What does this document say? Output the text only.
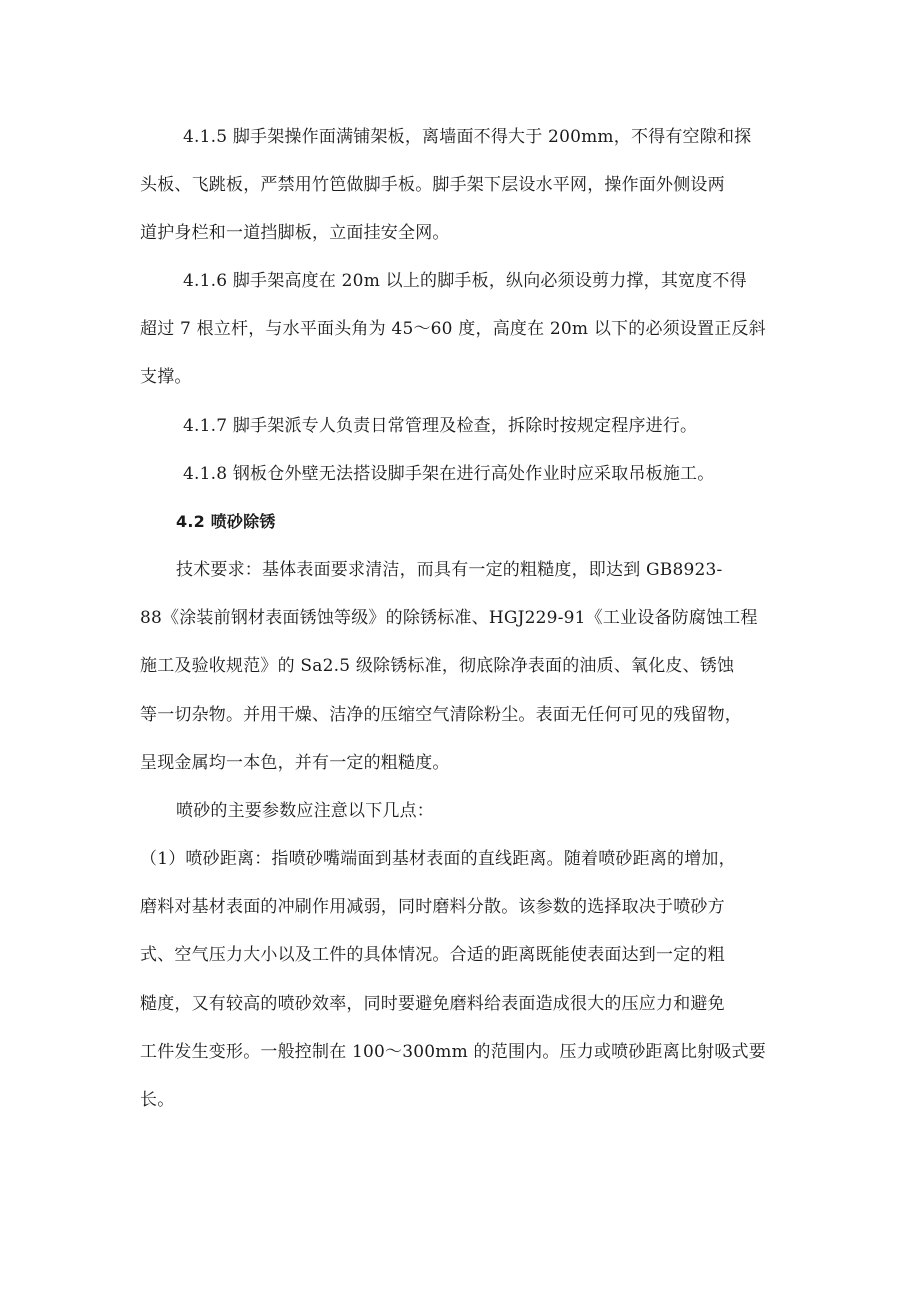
4.1.5 脚手架操作面满铺架板，离墙面不得大于 200mm，不得有空隙和探
头板、飞跳板，严禁用竹笆做脚手板。脚手架下层设水平网，操作面外侧设两
道护身栏和一道挡脚板，立面挂安全网。
4.1.6 脚手架高度在 20m 以上的脚手板，纵向必须设剪力撑，其宽度不得
超过 7 根立杆，与水平面头角为 45～60 度，高度在 20m 以下的必须设置正反斜
支撑。
4.1.7 脚手架派专人负责日常管理及检查，拆除时按规定程序进行。
4.1.8 钢板仓外壁无法搭设脚手架在进行高处作业时应采取吊板施工。
4.2 喷砂除锈
技术要求：基体表面要求清洁，而具有一定的粗糙度，即达到 GB8923-
88《涂装前钢材表面锈蚀等级》的除锈标准、HGJ229-91《工业设备防腐蚀工程
施工及验收规范》的 Sa2.5 级除锈标准，彻底除净表面的油质、氧化皮、锈蚀
等一切杂物。并用干燥、洁净的压缩空气清除粉尘。表面无任何可见的残留物，
呈现金属均一本色，并有一定的粗糙度。
喷砂的主要参数应注意以下几点：
（1）喷砂距离：指喷砂嘴端面到基材表面的直线距离。随着喷砂距离的增加，
磨料对基材表面的冲刷作用减弱，同时磨料分散。该参数的选择取决于喷砂方
式、空气压力大小以及工件的具体情况。合适的距离既能使表面达到一定的粗
糙度，又有较高的喷砂效率，同时要避免磨料给表面造成很大的压应力和避免
工件发生变形。一般控制在 100～300mm 的范围内。压力或喷砂距离比射吸式要
长。
